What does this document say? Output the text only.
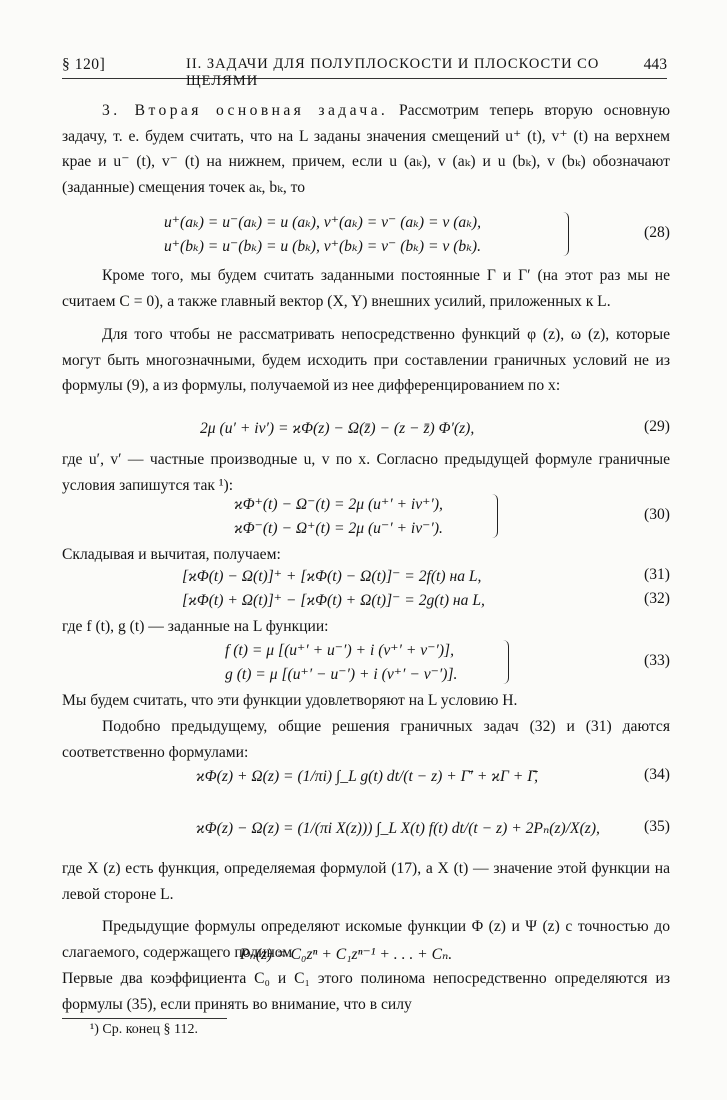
§ 120]	II. ЗАДАЧИ ДЛЯ ПОЛУПЛОСКОСТИ И ПЛОСКОСТИ СО ЩЕЛЯМИ
443

3. Вторая основная задача. Рассмотрим теперь вторую основную задачу, т. е. будем считать, что на L заданы значения смещений u⁺ (t), v⁺ (t) на верхнем крае и u⁻ (t), v⁻ (t) на нижнем, причем, если u (aₖ), v (aₖ) и u (bₖ), v (bₖ) обозначают (заданные) смещения точек aₖ, bₖ, то

u⁺(aₖ) = u⁻(aₖ) = u (aₖ), v⁺(aₖ) = v⁻ (aₖ) = v (aₖ),
u⁺(bₖ) = u⁻(bₖ) = u (bₖ), v⁺(bₖ) = v⁻ (bₖ) = v (bₖ).
(28)

Кроме того, мы будем считать заданными постоянные Γ и Γ′ (на этот раз мы не считаем C = 0), а также главный вектор (X, Y) внешних усилий, приложенных к L.

Для того чтобы не рассматривать непосредственно функций φ (z), ω (z), которые могут быть многозначными, будем исходить при составлении граничных условий не из формулы (9), а из формулы, получаемой из нее дифференцированием по x:

2μ (u′ + iv′) = ϰΦ(z) − Ω(z̄) − (z − z̄) Φ′(z),	(29)

где u′, v′ — частные производные u, v по x. Согласно предыдущей формуле граничные условия запишутся так ¹):

ϰΦ⁺(t) − Ω⁻(t) = 2μ (u⁺′ + iv⁺′),
ϰΦ⁻(t) − Ω⁺(t) = 2μ (u⁻′ + iv⁻′).
(30)
Складывая и вычитая, получаем:
[ϰΦ(t) − Ω(t)]⁺ + [ϰΦ(t) − Ω(t)]⁻ = 2f(t) на L,	(31)
[ϰΦ(t) + Ω(t)]⁺ − [ϰΦ(t) + Ω(t)]⁻ = 2g(t) на L,	(32)
где f (t), g (t) — заданные на L функции:
f (t) = μ [(u⁺′ + u⁻′) + i (v⁺′ + v⁻′)],
g (t) = μ [(u⁺′ − u⁻′) + i (v⁺′ − v⁻′)].
(33)
Мы будем считать, что эти функции удовлетворяют на L условию H.

Подобно предыдущему, общие решения граничных задач (32) и (31) даются соответственно формулами:

ϰΦ(z) + Ω(z) = (1/πi) ∫_L g(t) dt/(t − z) + Γ̄′ + ϰΓ + Γ̄,	(34)
ϰΦ(z) − Ω(z) = (1/(πi X(z))) ∫_L X(t) f(t) dt/(t − z) + 2Pₙ(z)/X(z),	(35)

где X (z) есть функция, определяемая формулой (17), а X (t) — значение этой функции на левой стороне L.

Предыдущие формулы определяют искомые функции Φ (z) и Ψ (z) с точностью до слагаемого, содержащего полином

Pₙ(z) = C₀zⁿ + C₁zⁿ⁻¹ + . . . + Cₙ.

Первые два коэффициента C₀ и C₁ этого полинома непосредственно определяются из формулы (35), если принять во внимание, что в силу

¹) Ср. конец § 112.
